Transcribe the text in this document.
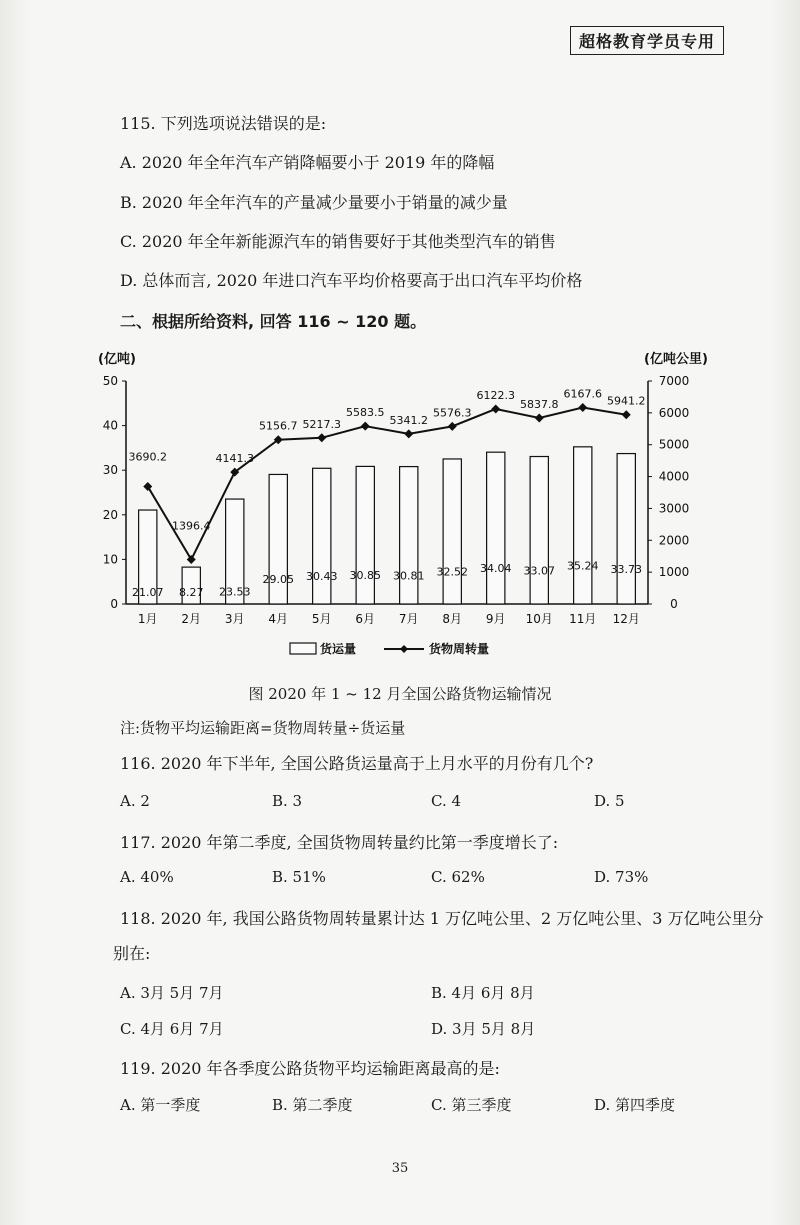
超格教育学员专用
115. 下列选项说法错误的是:
A. 2020 年全年汽车产销降幅要小于 2019 年的降幅
B. 2020 年全年汽车的产量减少量要小于销量的减少量
C. 2020 年全年新能源汽车的销售要好于其他类型汽车的销售
D. 总体而言, 2020 年进口汽车平均价格要高于出口汽车平均价格
二、根据所给资料, 回答 116 ~ 120 题。
0
10
20
30
40
50
0
1000
2000
3000
4000
5000
6000
7000
(亿吨)	(亿吨公里)
21.07 8.27 23.53
29.05 30.43 30.85 30.81 32.52 34.04 33.07 35.24 33.73
1月 2月 3月 4月 5月 6月 7月 8月 9月 10月 11月 12月
3690.2
1396.4
4141.3
5156.7 5217.3
5583.5
5341.2
5576.3
6122.3
5837.8
6167.6
5941.2
货运量	货物周转量
图 2020 年 1 ~ 12 月全国公路货物运输情况
注:货物平均运输距离=货物周转量÷货运量
116. 2020 年下半年, 全国公路货运量高于上月水平的月份有几个?
A. 2	B. 3	C. 4	D. 5
117. 2020 年第二季度, 全国货物周转量约比第一季度增长了:
A. 40%	B. 51%	C. 62%	D. 73%
118. 2020 年, 我国公路货物周转量累计达 1 万亿吨公里、2 万亿吨公里、3 万亿吨公里分
别在:
A. 3月 5月 7月	B. 4月 6月 8月
C. 4月 6月 7月	D. 3月 5月 8月
119. 2020 年各季度公路货物平均运输距离最高的是:
A. 第一季度	B. 第二季度	C. 第三季度	D. 第四季度
35
